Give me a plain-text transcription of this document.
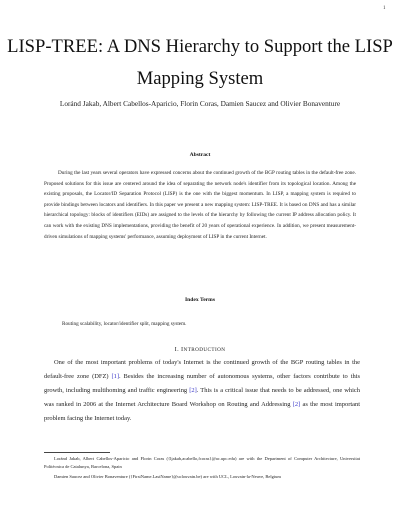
1
LISP-TREE: A DNS Hierarchy to Support the LISP Mapping System
Loránd Jakab, Albert Cabellos-Aparicio, Florin Coras, Damien Saucez and Olivier Bonaventure
Abstract
During the last years several operators have expressed concerns about the continued growth of the BGP routing tables in the default-free zone. Proposed solutions for this issue are centered around the idea of separating the network node's identifier from its topological location. Among the existing proposals, the Locator/ID Separation Protocol (LISP) is the one with the biggest momentum. In LISP, a mapping system is required to provide bindings between locators and identifiers. In this paper we present a new mapping system: LISP-TREE. It is based on DNS and has a similar hierarchical topology: blocks of identifiers (EIDs) are assigned to the levels of the hierarchy by following the current IP address allocation policy. It can work with the existing DNS implementations, providing the benefit of 20 years of operational experience. In addition, we present measurement-driven simulations of mapping systems' performance, assuming deployment of LISP in the current Internet.
Index Terms
Routing scalability, locator/identifier split, mapping system.
I. INTRODUCTION
One of the most important problems of today's Internet is the continued growth of the BGP routing tables in the default-free zone (DFZ) [1]. Besides the increasing number of autonomous systems, other factors contribute to this growth, including multihoming and traffic engineering [2]. This is a critical issue that needs to be addressed, one which was ranked in 2006 at the Internet Architecture Board Workshop on Routing and Addressing [2] as the most important problem facing the Internet today.
Loránd Jakab, Albert Cabellos-Aparicio and Florin Coras ({ljakab,acabello,fcoras}@ac.upc.edu) are with the Department of Computer Architecture, Universitat Politècnica de Catalunya, Barcelona, Spain
Damien Saucez and Olivier Bonaventure ({FirstName.LastName}@uclouvain.be) are with UCL, Louvain-la-Neuve, Belgium
